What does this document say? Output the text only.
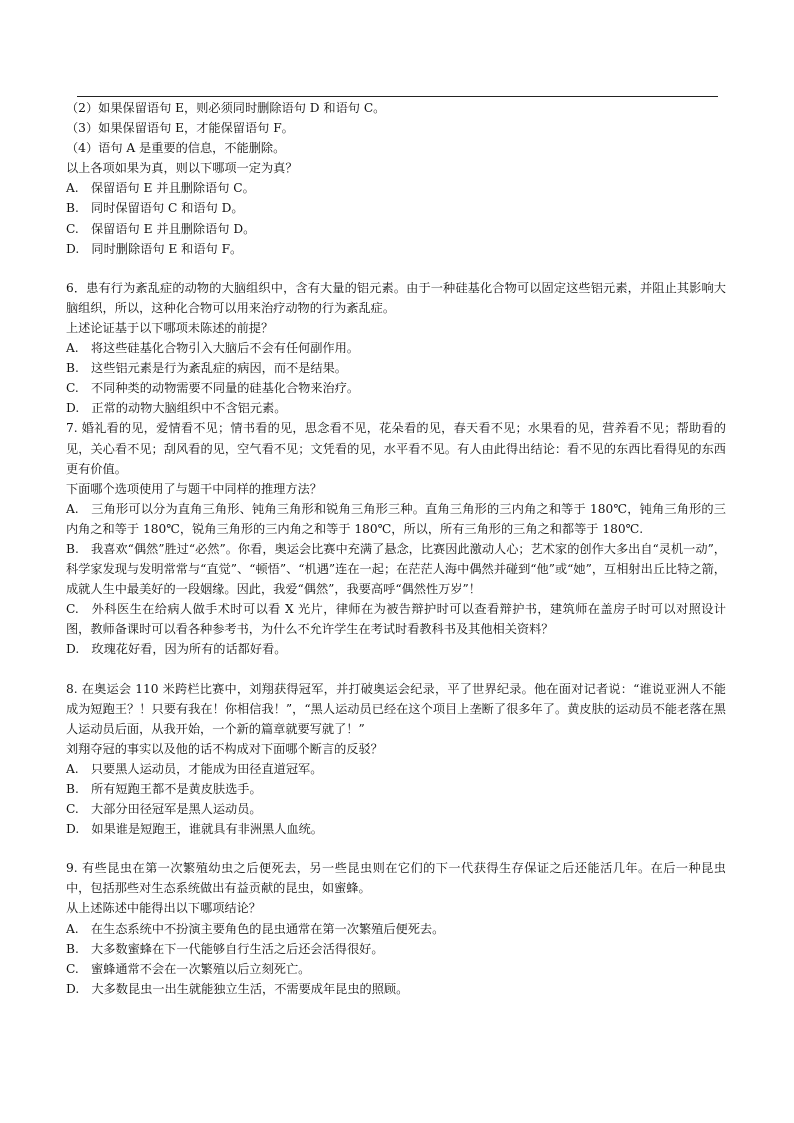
（2）如果保留语句 E，则必须同时删除语句 D 和语句 C。
（3）如果保留语句 E，才能保留语句 F。
（4）语句 A 是重要的信息，不能删除。
以上各项如果为真，则以下哪项一定为真？
A.　保留语句 E 并且删除语句 C。
B.　同时保留语句 C 和语句 D。
C.　保留语句 E 并且删除语句 D。
D.　同时删除语句 E 和语句 F。
6．患有行为紊乱症的动物的大脑组织中，含有大量的铝元素。由于一种硅基化合物可以固定这些铝元素，并阻止其影响大脑组织，所以，这种化合物可以用来治疗动物的行为紊乱症。
上述论证基于以下哪项未陈述的前提？
A.　将这些硅基化合物引入大脑后不会有任何副作用。
B.　这些铝元素是行为紊乱症的病因，而不是结果。
C.　不同种类的动物需要不同量的硅基化合物来治疗。
D.　正常的动物大脑组织中不含铝元素。
7. 婚礼看的见，爱情看不见；情书看的见，思念看不见，花朵看的见，春天看不见；水果看的见，营养看不见；帮助看的见，关心看不见；刮风看的见，空气看不见；文凭看的见，水平看不见。有人由此得出结论：看不见的东西比看得见的东西更有价值。
下面哪个选项使用了与题干中同样的推理方法？
A.　三角形可以分为直角三角形、钝角三角形和锐角三角形三种。直角三角形的三内角之和等于 180℃，钝角三角形的三内角之和等于 180℃，锐角三角形的三内角之和等于 180℃，所以，所有三角形的三角之和都等于 180℃.
B.　我喜欢“偶然”胜过“必然”。你看，奥运会比赛中充满了悬念，比赛因此激动人心；艺术家的创作大多出自“灵机一动”，科学家发现与发明常常与“直觉”、“顿悟”、“机遇”连在一起；在茫茫人海中偶然并碰到“他”或“她”，互相射出丘比特之箭，成就人生中最美好的一段姻缘。因此，我爱“偶然”，我要高呼“偶然性万岁”！
C.　外科医生在给病人做手术时可以看 X 光片，律师在为被告辩护时可以查看辩护书，建筑师在盖房子时可以对照设计图，教师备课时可以看各种参考书，为什么不允许学生在考试时看教科书及其他相关资料？
D.　玫瑰花好看，因为所有的话都好看。
8. 在奥运会 110 米跨栏比赛中，刘翔获得冠军，并打破奥运会纪录，平了世界纪录。他在面对记者说：“谁说亚洲人不能成为短跑王？！只要有我在！你相信我！”，“黑人运动员已经在这个项目上垄断了很多年了。黄皮肤的运动员不能老落在黑人运动员后面，从我开始，一个新的篇章就要写就了！”
刘翔夺冠的事实以及他的话不构成对下面哪个断言的反驳？
A.　只要黑人运动员，才能成为田径直道冠军。
B.　所有短跑王都不是黄皮肤选手。
C.　大部分田径冠军是黑人运动员。
D.　如果谁是短跑王，谁就具有非洲黑人血统。
9. 有些昆虫在第一次繁殖幼虫之后便死去，另一些昆虫则在它们的下一代获得生存保证之后还能活几年。在后一种昆虫中，包括那些对生态系统做出有益贡献的昆虫，如蜜蜂。
从上述陈述中能得出以下哪项结论？
A.　在生态系统中不扮演主要角色的昆虫通常在第一次繁殖后便死去。
B.　大多数蜜蜂在下一代能够自行生活之后还会活得很好。
C.　蜜蜂通常不会在一次繁殖以后立刻死亡。
D.　大多数昆虫一出生就能独立生活，不需要成年昆虫的照顾。
